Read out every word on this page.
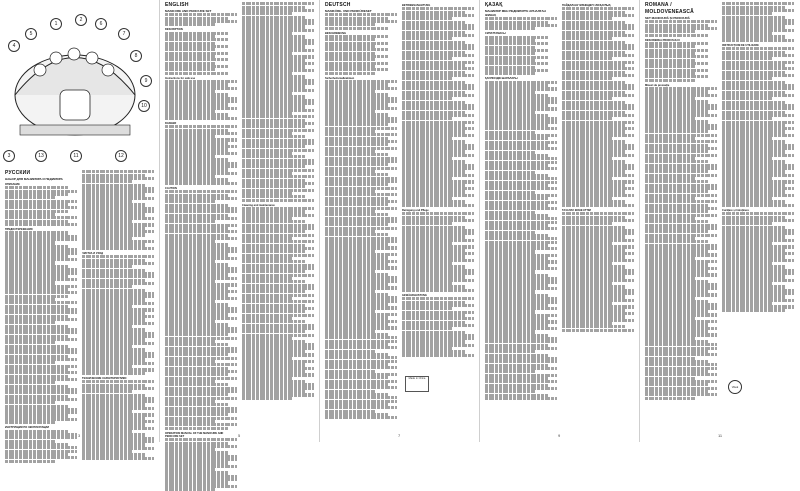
1
2
3
4
5
6
7
8
9
10
11	12
13
РУССКИЙ
НАБОР ДЛЯ МАНИКЮРА И ПЕДИКЮРА
ОПИСАНИЕ
ПРЕДОСТЕРЕЖЕНИЯ
ИНСТРУКЦИИ ПО ЭКСПЛУАТАЦИИ
ЧИСТКА И УХОД
ТЕХНИЧЕСКИЕ ХАРАКТЕРИСТИКИ
3
ENGLISH
MANICURE AND PEDICURE SET
DESCRIPTION
Instructions for safe use
DANGER
CAUTION
OPERATION MANUAL OF THE MANICURE AND PEDICURE SET
Cleaning and maintenance
5
DEUTSCH
MANIKÜRE- UND PEDIKÜRESET
BESCHREIBUNG
Sicherheitsmaßnahmen
BETRIEBSANLEITUNG
Reinigung und Pflege
GEWÄHRLEISTUNG
Made in China
7
ҚАЗАҚ
МАНИКЮР МЕН ПЕДИКЮРГЕ АРНАЛҒАН ЖИНАҚ
СИПАТТАМАСЫ
ҚАУІПСІЗДІК ШАРАЛАРЫ
ПАЙДАЛАНУ ЖӨНІНДЕГІ НҰСҚАУЛЫҚ
ТАЗАЛАУ ЖӘНЕ КҮТІМ
9
ROMÂNĂ / MOLDOVENEASCĂ
SET MANICIURĂ ŞI PEDICIURĂ
DESCRIEREA PRODUSULUI
Măsuri de precauţie
INSTRUCŢIUNI DE UTILIZARE
Curăţare şi întreţinere
Vitek
11
